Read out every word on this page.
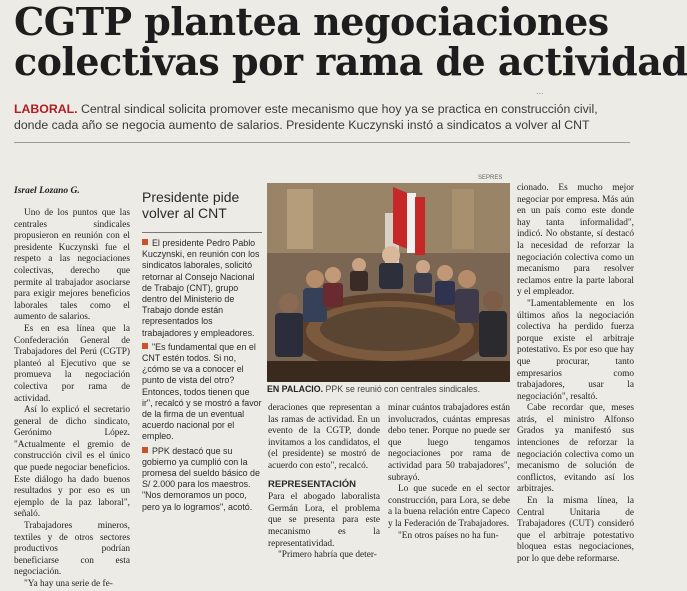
...
CGTP plantea negociaciones
colectivas por rama de actividad
LABORAL. Central sindical solicita promover este mecanismo que hoy ya se practica en construcción civil, donde cada año se negocia aumento de salarios. Presidente Kuczynski instó a sindicatos a volver al CNT
Israel Lozano G.

Uno de los puntos que las centrales sindicales propusieron en reunión con el presidente Kuczynski fue el respeto a las negociaciones colectivas, derecho que permite al trabajador asociarse para exigir mejores beneficios laborales tales como el aumento de salarios.

Es en esa línea que la Confederación General de Trabajadores del Perú (CGTP) planteó al Ejecutivo que se promueva la negociación colectiva por rama de actividad.

Así lo explicó el secretario general de dicho sindicato, Gerónimo López. "Actualmente el gremio de construcción civil es el único que puede negociar beneficios. Este diálogo ha dado buenos resultados y por eso es un ejemplo de la paz laboral", señaló.

Trabajadores mineros, textiles y de otros sectores productivos podrían beneficiarse con esta negociación.

"Ya hay una serie de fe-

Presidente pide volver al CNT
El presidente Pedro Pablo Kuczynski, en reunión con los sindicatos laborales, solicitó retornar al Consejo Nacional de Trabajo (CNT), grupo dentro del Ministerio de Trabajo donde están representados los trabajadores y empleadores.
"Es fundamental que en el CNT estén todos. Si no, ¿cómo se va a conocer el punto de vista del otro? Entonces, todos tienen que ir", recalcó y se mostró a favor de la firma de un eventual acuerdo nacional por el empleo.
PPK destacó que su gobierno ya cumplió con la promesa del sueldo básico de S/ 2.000 para los maestros. "Nos demoramos un poco, pero ya lo logramos", acotó.
SEPRES
EN PALACIO. PPK se reunió con centrales sindicales.

deraciones que representan a las ramas de actividad. En un evento de la CGTP, donde invitamos a los candidatos, el (el presidente) se mostró de acuerdo con esto", recalcó.

REPRESENTACIÓN

Para el abogado laboralista Germán Lora, el problema que se presenta para este mecanismo es la representatividad.

"Primero habría que deter-

minar cuántos trabajadores están involucrados, cuántas empresas debo tener. Porque no puede ser que luego tengamos negociaciones por rama de actividad para 50 trabajadores", subrayó.

Lo que sucede en el sector construcción, para Lora, se debe a la buena relación entre Capeco y la Federación de Trabajadores.

"En otros países no ha fun-

cionado. Es mucho mejor negociar por empresa. Más aún en un país como este donde hay tanta informalidad", indicó. No obstante, sí destacó la necesidad de reforzar la negociación colectiva como un mecanismo para resolver reclamos entre la parte laboral y el empleador.

"Lamentablemente en los últimos años la negociación colectiva ha perdido fuerza porque existe el arbitraje potestativo. Es por eso que hay que procurar, tanto empresarios como trabajadores, usar la negociación", resaltó.

Cabe recordar que, meses atrás, el ministro Alfonso Grados ya manifestó sus intenciones de reforzar la negociación colectiva como un mecanismo de solución de conflictos, evitando así los arbitrajes.

En la misma línea, la Central Unitaria de Trabajadores (CUT) consideró que el arbitraje potestativo bloquea estas negociaciones, por lo que debe reformarse.
